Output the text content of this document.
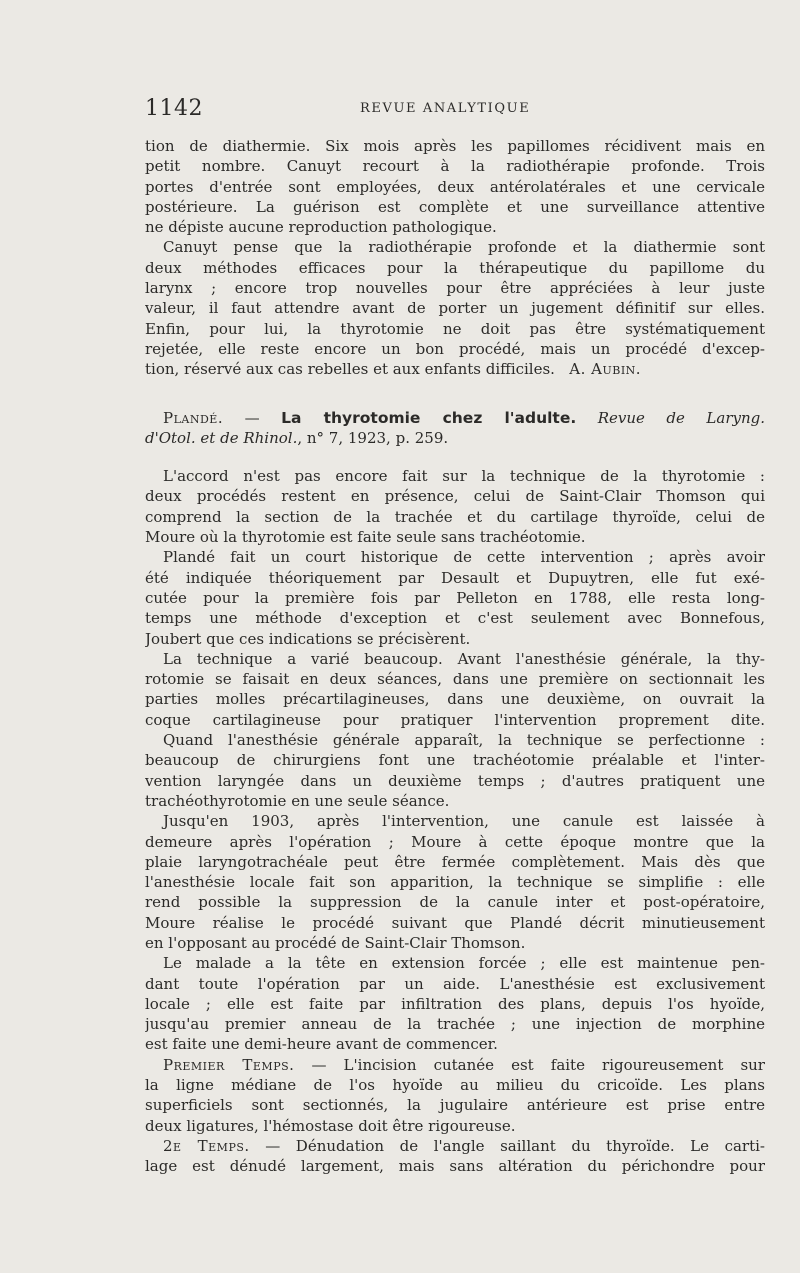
1142	REVUE ANALYTIQUE
tion de diathermie. Six mois après les papillomes récidivent mais en
petit nombre. Canuyt recourt à la radiothérapie profonde. Trois
portes d'entrée sont employées, deux antérolatérales et une cervicale
postérieure. La guérison est complète et une surveillance attentive
ne dépiste aucune reproduction pathologique.
Canuyt pense que la radiothérapie profonde et la diathermie sont
deux méthodes efficaces pour la thérapeutique du papillome du
larynx ; encore trop nouvelles pour être appréciées à leur juste
valeur, il faut attendre avant de porter un jugement définitif sur elles.
Enfin, pour lui, la thyrotomie ne doit pas être systématiquement
rejetée, elle reste encore un bon procédé, mais un procédé d'excep-
tion, réservé aux cas rebelles et aux enfants difficiles. A. Aubin.
Plandé. — La thyrotomie chez l'adulte. Revue de Laryng.
d'Otol. et de Rhinol., n° 7, 1923, p. 259.
L'accord n'est pas encore fait sur la technique de la thyrotomie :
deux procédés restent en présence, celui de Saint-Clair Thomson qui
comprend la section de la trachée et du cartilage thyroïde, celui de
Moure où la thyrotomie est faite seule sans trachéotomie.
Plandé fait un court historique de cette intervention ; après avoir
été indiquée théoriquement par Desault et Dupuytren, elle fut exé-
cutée pour la première fois par Pelleton en 1788, elle resta long-
temps une méthode d'exception et c'est seulement avec Bonnefous,
Joubert que ces indications se précisèrent.
La technique a varié beaucoup. Avant l'anesthésie générale, la thy-
rotomie se faisait en deux séances, dans une première on sectionnait les
parties molles précartilagineuses, dans une deuxième, on ouvrait la
coque cartilagineuse pour pratiquer l'intervention proprement dite.
Quand l'anesthésie générale apparaît, la technique se perfectionne :
beaucoup de chirurgiens font une trachéotomie préalable et l'inter-
vention laryngée dans un deuxième temps ; d'autres pratiquent une
trachéothyrotomie en une seule séance.
Jusqu'en 1903, après l'intervention, une canule est laissée à
demeure après l'opération ; Moure à cette époque montre que la
plaie laryngotrachéale peut être fermée complètement. Mais dès que
l'anesthésie locale fait son apparition, la technique se simplifie : elle
rend possible la suppression de la canule inter et post-opératoire,
Moure réalise le procédé suivant que Plandé décrit minutieusement
en l'opposant au procédé de Saint-Clair Thomson.
Le malade a la tête en extension forcée ; elle est maintenue pen-
dant toute l'opération par un aide. L'anesthésie est exclusivement
locale ; elle est faite par infiltration des plans, depuis l'os hyoïde,
jusqu'au premier anneau de la trachée ; une injection de morphine
est faite une demi-heure avant de commencer.
Premier Temps. — L'incision cutanée est faite rigoureusement sur
la ligne médiane de l'os hyoïde au milieu du cricoïde. Les plans
superficiels sont sectionnés, la jugulaire antérieure est prise entre
deux ligatures, l'hémostase doit être rigoureuse.
2e Temps. — Dénudation de l'angle saillant du thyroïde. Le carti-
lage est dénudé largement, mais sans altération du périchondre pour
